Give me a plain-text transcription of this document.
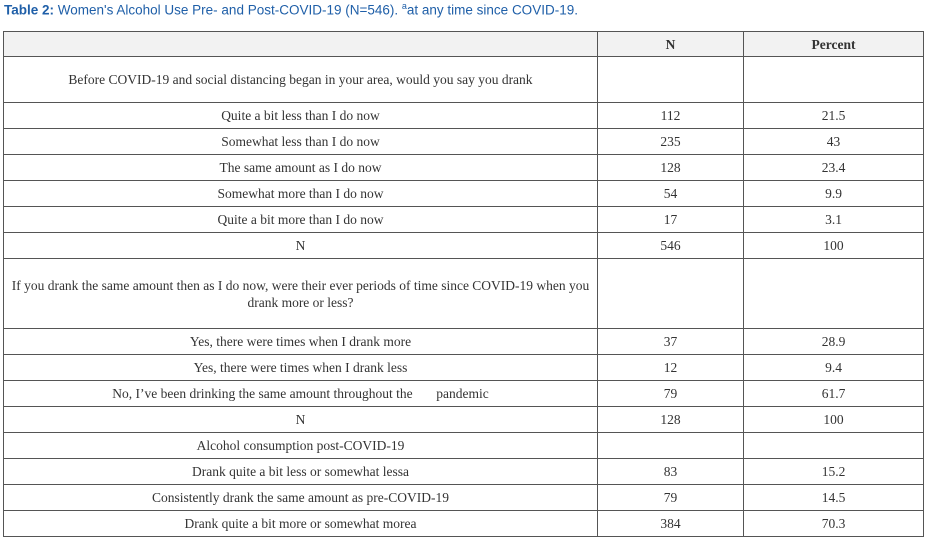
Table 2: Women's Alcohol Use Pre- and Post-COVID-19 (N=546). $^a$at any time since COVID-19.
	N	Percent
Before COVID-19 and social distancing began in your area, would you say you drank		
Quite a bit less than I do now	112	21.5
Somewhat less than I do now	235	43
The same amount as I do now	128	23.4
Somewhat more than I do now	54	9.9
Quite a bit more than I do now	17	3.1
N	546	100
If you drank the same amount then as I do now, were their ever periods of time since COVID-19 when you drank more or less?		
Yes, there were times when I drank more	37	28.9
Yes, there were times when I drank less	12	9.4
No, I’ve been drinking the same amount throughout the       pandemic	79	61.7
N	128	100
Alcohol consumption post-COVID-19		
Drank quite a bit less or somewhat lessa	83	15.2
Consistently drank the same amount as pre-COVID-19	79	14.5
Drank quite a bit more or somewhat morea	384	70.3
